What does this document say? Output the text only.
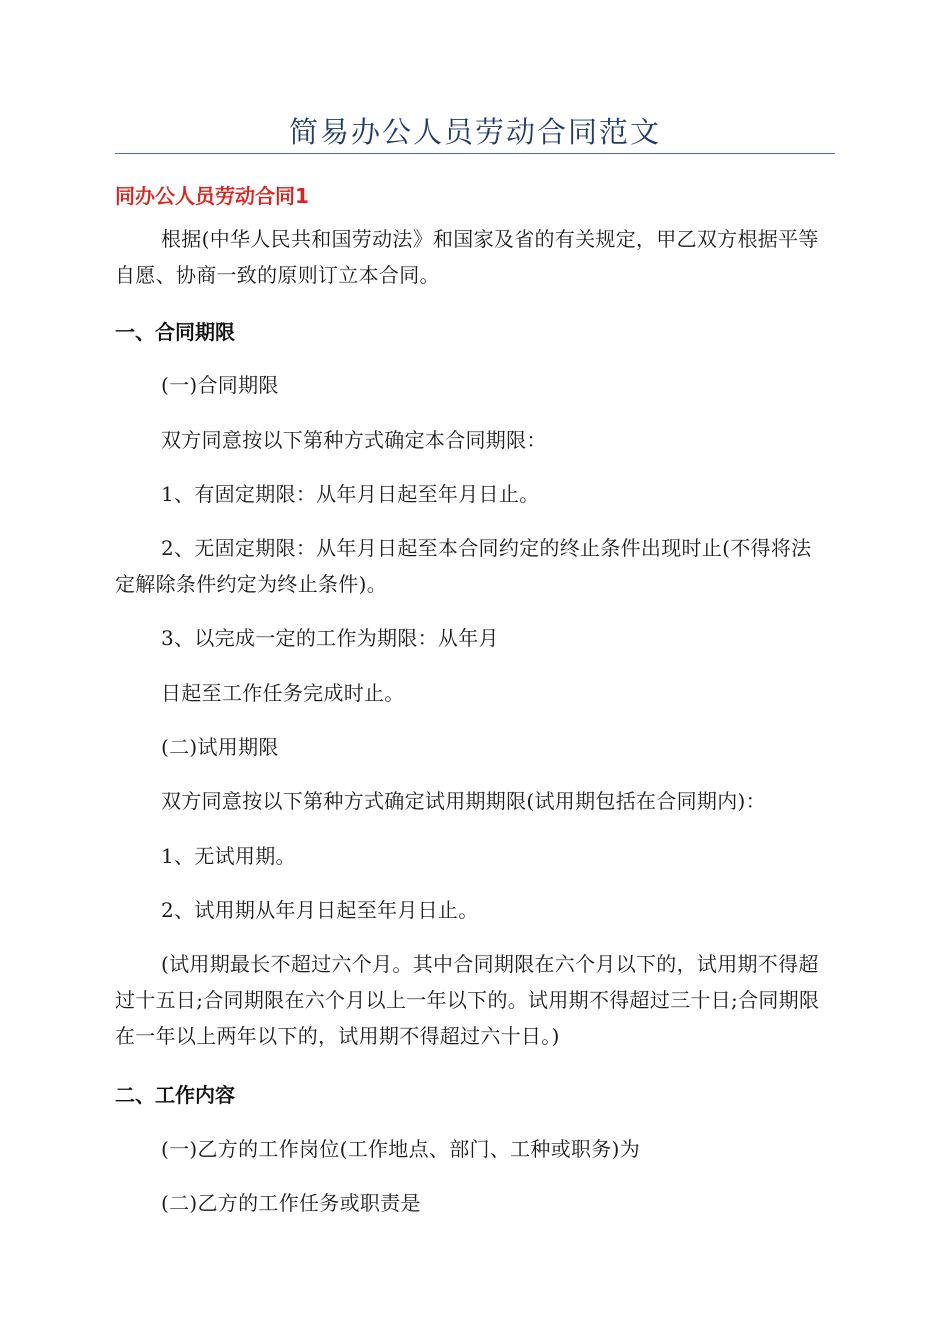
简易办公人员劳动合同范文
同办公人员劳动合同1

根据(中华人民共和国劳动法》和国家及省的有关规定，甲乙双方根据平等自愿、协商一致的原则订立本合同。

一、合同期限

(一)合同期限

双方同意按以下第种方式确定本合同期限：

1、有固定期限：从年月日起至年月日止。

2、无固定期限：从年月日起至本合同约定的终止条件出现时止(不得将法定解除条件约定为终止条件)。

3、以完成一定的工作为期限：从年月

日起至工作任务完成时止。

(二)试用期限

双方同意按以下第种方式确定试用期期限(试用期包括在合同期内)：

1、无试用期。

2、试用期从年月日起至年月日止。

(试用期最长不超过六个月。其中合同期限在六个月以下的，试用期不得超过十五日;合同期限在六个月以上一年以下的。试用期不得超过三十日;合同期限在一年以上两年以下的，试用期不得超过六十日。)

二、工作内容

(一)乙方的工作岗位(工作地点、部门、工种或职务)为

(二)乙方的工作任务或职责是
